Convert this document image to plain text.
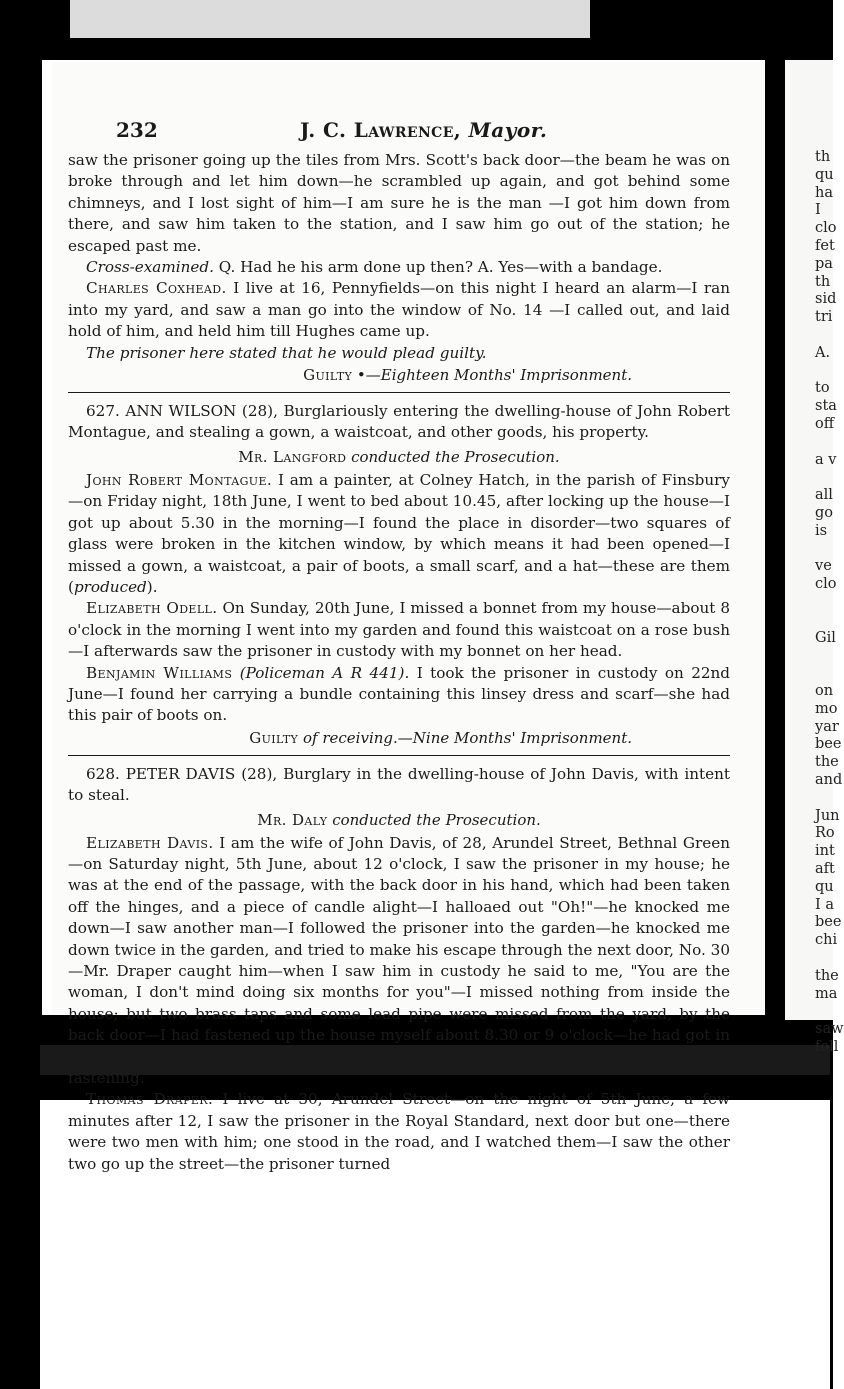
th
qu
ha
I
clo
fet
pa
th
sid
tri
A.
to
sta
off
a v
all
go
is
ve
clo
Gil
on
mo
yar
bee
the
and
Jun
Ro
int
aft
qu
I a
bee
chi
the
ma
saw
foll
232	J. C. Lawrence, Mayor.

saw the prisoner going up the tiles from Mrs. Scott's back door—the beam he was on broke through and let him down—he scrambled up again, and got behind some chimneys, and I lost sight of him—I am sure he is the man —I got him down from there, and saw him taken to the station, and I saw him go out of the station; he escaped past me.

Cross-examined. Q. Had he his arm done up then? A. Yes—with a bandage.

Charles Coxhead. I live at 16, Pennyfields—on this night I heard an alarm—I ran into my yard, and saw a man go into the window of No. 14 —I called out, and laid hold of him, and held him till Hughes came up.

The prisoner here stated that he would plead guilty.

Guilty •—Eighteen Months' Imprisonment.

627. ANN WILSON (28), Burglariously entering the dwelling-house of John Robert Montague, and stealing a gown, a waistcoat, and other goods, his property.

Mr. Langford conducted the Prosecution.

John Robert Montague. I am a painter, at Colney Hatch, in the parish of Finsbury—on Friday night, 18th June, I went to bed about 10.45, after locking up the house—I got up about 5.30 in the morning—I found the place in disorder—two squares of glass were broken in the kitchen window, by which means it had been opened—I missed a gown, a waistcoat, a pair of boots, a small scarf, and a hat—these are them (produced).

Elizabeth Odell. On Sunday, 20th June, I missed a bonnet from my house—about 8 o'clock in the morning I went into my garden and found this waistcoat on a rose bush—I afterwards saw the prisoner in custody with my bonnet on her head.

Benjamin Williams (Policeman A R 441). I took the prisoner in custody on 22nd June—I found her carrying a bundle containing this linsey dress and scarf—she had this pair of boots on.

Guilty of receiving.—Nine Months' Imprisonment.

628. PETER DAVIS (28), Burglary in the dwelling-house of John Davis, with intent to steal.

Mr. Daly conducted the Prosecution.

Elizabeth Davis. I am the wife of John Davis, of 28, Arundel Street, Bethnal Green—on Saturday night, 5th June, about 12 o'clock, I saw the prisoner in my house; he was at the end of the passage, with the back door in his hand, which had been taken off the hinges, and a piece of candle alight—I halloaed out "Oh!"—he knocked me down—I saw another man—I followed the prisoner into the garden—he knocked me down twice in the garden, and tried to make his escape through the next door, No. 30—Mr. Draper caught him—when I saw him in custody he said to me, "You are the woman, I don't mind doing six months for you"—I missed nothing from inside the house; but two brass taps and some lead pipe were missed from the yard, by the back door—I had fastened up the house myself about 8.30 or 9 o'clock—he had got in by opening the kitchen window—I found that broken so that he could undo the fastening.

Thomas Draper. I live at 30, Arundel Street—on the night of 5th June, a few minutes after 12, I saw the prisoner in the Royal Standard, next door but one—there were two men with him; one stood in the road, and I watched them—I saw the other two go up the street—the prisoner turned
